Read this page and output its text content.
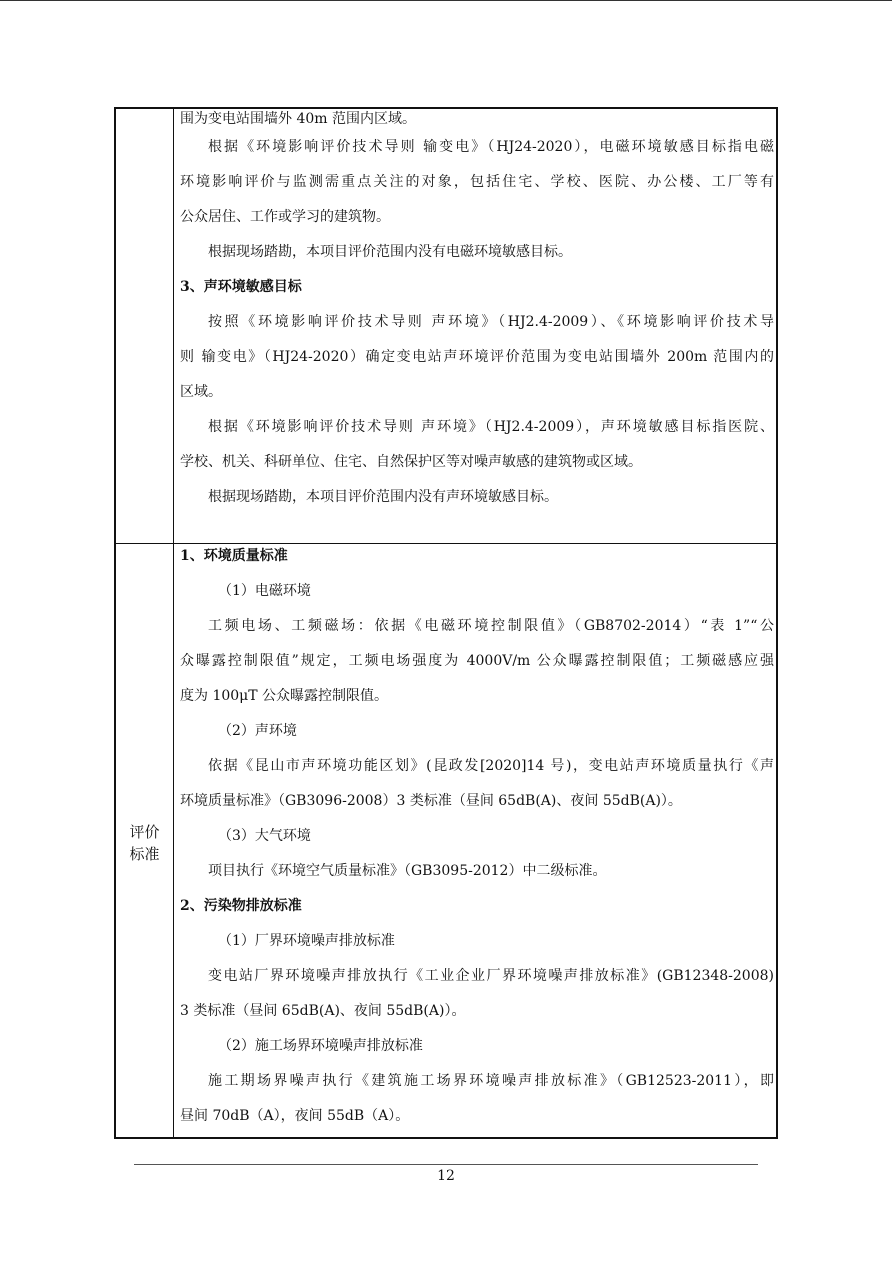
围为变电站围墙外 40m 范围内区域。
根据《环境影响评价技术导则 输变电》（HJ24-2020），电磁环境敏感目标指电磁
环境影响评价与监测需重点关注的对象，包括住宅、学校、医院、办公楼、工厂等有
公众居住、工作或学习的建筑物。
根据现场踏勘，本项目评价范围内没有电磁环境敏感目标。
3、声环境敏感目标
按照《环境影响评价技术导则 声环境》（HJ2.4-2009）、《环境影响评价技术导
则 输变电》（HJ24-2020）确定变电站声环境评价范围为变电站围墙外 200m 范围内的
区域。
根据《环境影响评价技术导则 声环境》（HJ2.4-2009），声环境敏感目标指医院、
学校、机关、科研单位、住宅、自然保护区等对噪声敏感的建筑物或区域。
根据现场踏勘，本项目评价范围内没有声环境敏感目标。
评价
标准
1、环境质量标准
（1）电磁环境
工频电场、工频磁场：依据《电磁环境控制限值》（GB8702-2014）“表 1”“公
众曝露控制限值”规定，工频电场强度为 4000V/m 公众曝露控制限值；工频磁感应强
度为 100μT 公众曝露控制限值。
（2）声环境
依据《昆山市声环境功能区划》(昆政发[2020]14 号)，变电站声环境质量执行《声
环境质量标准》（GB3096-2008）3 类标准（昼间 65dB(A)、夜间 55dB(A)）。
（3）大气环境
项目执行《环境空气质量标准》（GB3095-2012）中二级标准。
2、污染物排放标准
（1）厂界环境噪声排放标准
变电站厂界环境噪声排放执行《工业企业厂界环境噪声排放标准》(GB12348-2008)
3 类标准（昼间 65dB(A)、夜间 55dB(A)）。
（2）施工场界环境噪声排放标准
施工期场界噪声执行《建筑施工场界环境噪声排放标准》（GB12523-2011），即
昼间 70dB（A），夜间 55dB（A）。
12
